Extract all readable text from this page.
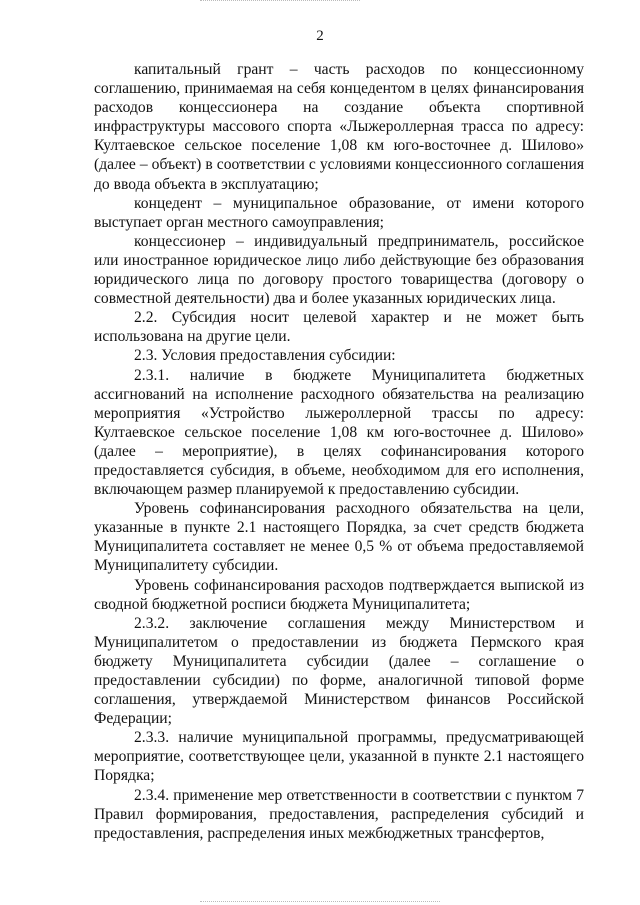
2

капитальный грант – часть расходов по концессионному соглашению, принимаемая на себя концедентом в целях финансирования расходов концессионера на создание объекта спортивной инфраструктуры массового спорта «Лыжероллерная трасса по адресу: Култаевское сельское поселение 1,08 км юго-восточнее д. Шилово» (далее – объект) в соответствии с условиями концессионного соглашения до ввода объекта в эксплуатацию;

концедент – муниципальное образование, от имени которого выступает орган местного самоуправления;

концессионер – индивидуальный предприниматель, российское или иностранное юридическое лицо либо действующие без образования юридического лица по договору простого товарищества (договору о совместной деятельности) два и более указанных юридических лица.

2.2. Субсидия носит целевой характер и не может быть использована на другие цели.

2.3. Условия предоставления субсидии:

2.3.1. наличие в бюджете Муниципалитета бюджетных ассигнований на исполнение расходного обязательства на реализацию мероприятия «Устройство лыжероллерной трассы по адресу: Култаевское сельское поселение 1,08 км юго-восточнее д. Шилово» (далее – мероприятие), в целях софинансирования которого предоставляется субсидия, в объеме, необходимом для его исполнения, включающем размер планируемой к предоставлению субсидии.

Уровень софинансирования расходного обязательства на цели, указанные в пункте 2.1 настоящего Порядка, за счет средств бюджета Муниципалитета составляет не менее 0,5 % от объема предоставляемой Муниципалитету субсидии.

Уровень софинансирования расходов подтверждается выпиской из сводной бюджетной росписи бюджета Муниципалитета;

2.3.2. заключение соглашения между Министерством и Муниципалитетом о предоставлении из бюджета Пермского края бюджету Муниципалитета субсидии (далее – соглашение о предоставлении субсидии) по форме, аналогичной типовой форме соглашения, утверждаемой Министерством финансов Российской Федерации;

2.3.3. наличие муниципальной программы, предусматривающей мероприятие, соответствующее цели, указанной в пункте 2.1 настоящего Порядка;

2.3.4. применение мер ответственности в соответствии с пунктом 7 Правил формирования, предоставления, распределения субсидий и предоставления, распределения иных межбюджетных трансфертов,
